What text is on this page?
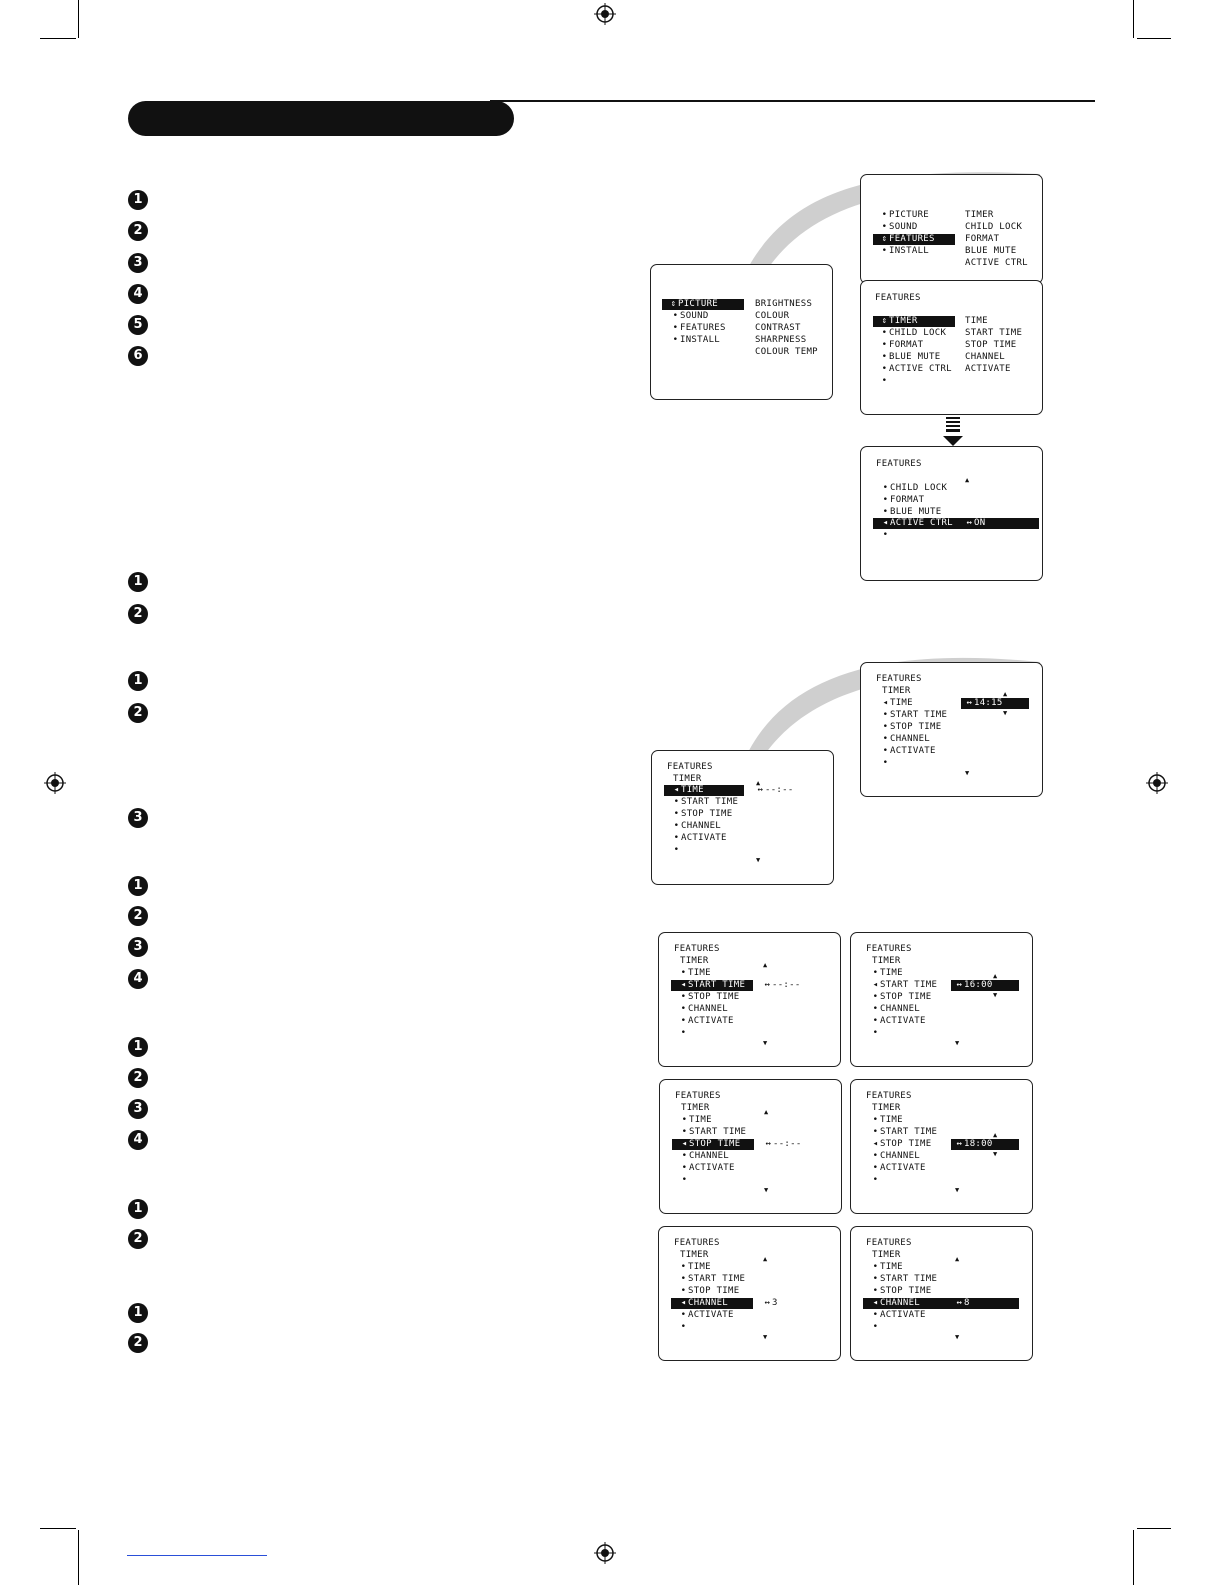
1
2
3
4
5
6
1
2
1
2
3
1
2
3
4
1
2
3
4
1
2
1
2
⇕ PICTURE
• SOUND
• FEATURES
• INSTALL
BRIGHTNESS
COLOUR
CONTRAST
SHARPNESS
COLOUR TEMP
• PICTURE
• SOUND
⇕ FEATURES
• INSTALL
TIMER
CHILD LOCK
FORMAT
BLUE MUTE
ACTIVE CTRL
FEATURES
⇕ TIMER
• CHILD LOCK
• FORMAT
• BLUE MUTE
• ACTIVE CTRL
•
TIME
START TIME
STOP TIME
CHANNEL
ACTIVATE
FEATURES
▲
• CHILD LOCK
• FORMAT
• BLUE MUTE
◂ ACTIVE CTRL ↔ ON
•
FEATURES
TIMER	▲
◂ TIME	↔ --:--
• START TIME
• STOP TIME
• CHANNEL
• ACTIVATE
•
▼
FEATURES
TIMER	▲
◂ TIME	↔ 14:15
▼
• START TIME
• STOP TIME
• CHANNEL
• ACTIVATE
•
▼
FEATURES
TIMER	▲
• TIME
◂ START TIME ↔ --:--
• STOP TIME
• CHANNEL
• ACTIVATE
•
▼
FEATURES
TIMER
• TIME	▲
◂ START TIME ↔ 16:00
▼
• STOP TIME
• CHANNEL
• ACTIVATE
•
▼
FEATURES
TIMER	▲
• TIME
• START TIME
◂ STOP TIME	↔ --:--
• CHANNEL
• ACTIVATE
•
▼
FEATURES
TIMER
• TIME
• START TIME	▲
◂ STOP TIME	↔ 18:00
▼
• CHANNEL
• ACTIVATE
•
▼
FEATURES
TIMER	▲
• TIME
• START TIME
• STOP TIME
◂ CHANNEL	↔ 3
• ACTIVATE
•
▼
FEATURES
TIMER	▲
• TIME
• START TIME
• STOP TIME
◂ CHANNEL	↔ 8
• ACTIVATE
•
▼
